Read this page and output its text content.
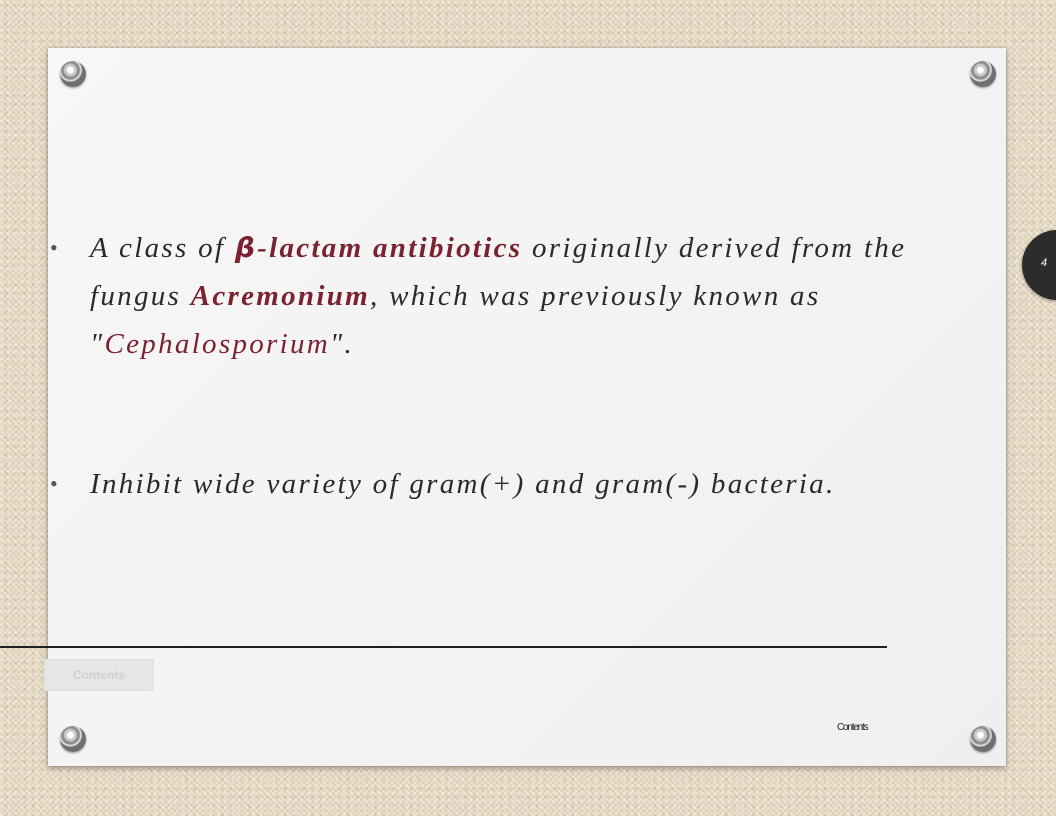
4
• A class of β-lactam antibiotics originally derived from the fungus Acremonium, which was previously known as "Cephalosporium".
• Inhibit wide variety of gram(+) and gram(-) bacteria.
Contents
Contents
